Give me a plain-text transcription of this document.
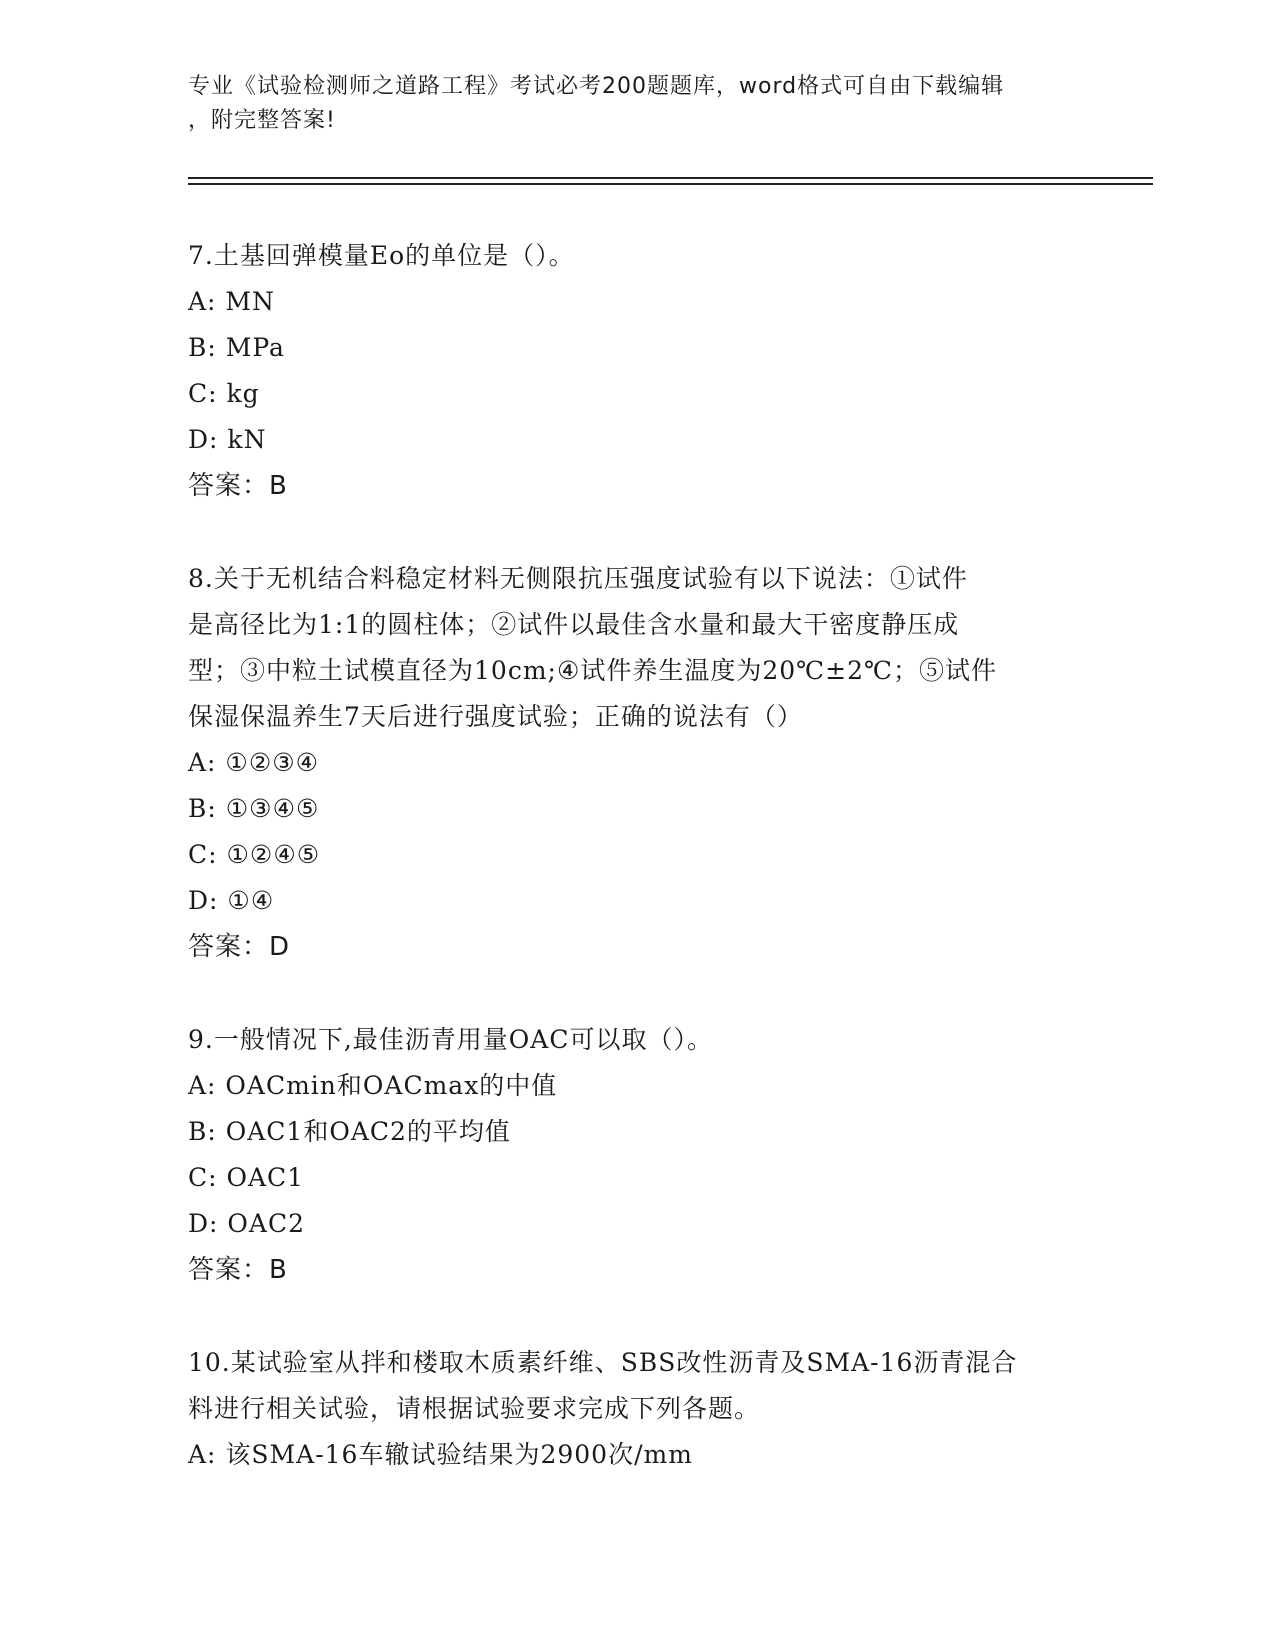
专业《试验检测师之道路工程》考试必考200题题库，word格式可自由下载编辑
，附完整答案!
7.土基回弹模量Eo的单位是（）。
A: MN
B: MPa
C: kg
D: kN
答案：B
8.关于无机结合料稳定材料无侧限抗压强度试验有以下说法：①试件
是高径比为1:1的圆柱体；②试件以最佳含水量和最大干密度静压成
型；③中粒土试模直径为10cm;④试件养生温度为20℃±2℃；⑤试件
保湿保温养生7天后进行强度试验；正确的说法有（）
A: ①②③④
B: ①③④⑤
C: ①②④⑤
D: ①④
答案：D
9.一般情况下,最佳沥青用量OAC可以取（）。
A: OACmin和OACmax的中值
B: OAC1和OAC2的平均值
C: OAC1
D: OAC2
答案：B
10.某试验室从拌和楼取木质素纤维、SBS改性沥青及SMA-16沥青混合
料进行相关试验，请根据试验要求完成下列各题。
A: 该SMA-16车辙试验结果为2900次/mm
